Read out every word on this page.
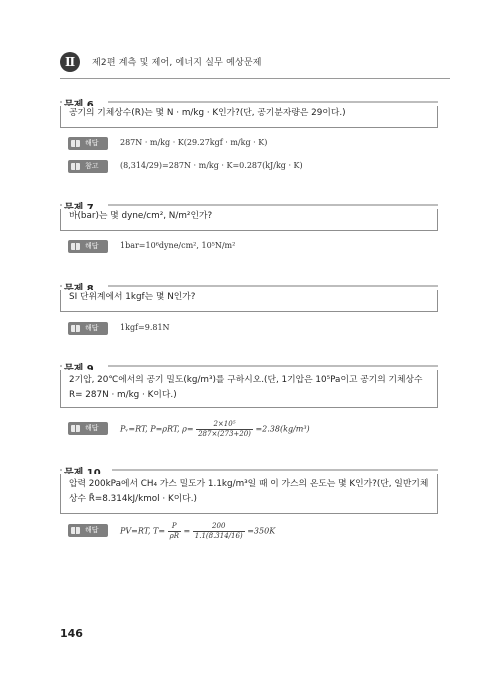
Ⅱ	제2편 계측 및 제어, 에너지 실무 예상문제
공기의 기체상수(R)는 몇 N · m/kg · K인가?(단, 공기분자량은 29이다.)
해답	287N · m/kg · K(29.27kgf · m/kg · K)
참고	(8,314/29)=287N · m/kg · K=0.287(kJ/kg · K)
바(bar)는 몇 dyne/cm², N/m²인가?
해답	1bar=10⁶dyne/cm², 10⁵N/m²
SI 단위계에서 1kgf는 몇 N인가?
해답	1kgf=9.81N
2기압, 20℃에서의 공기 밀도(kg/m³)를 구하시오.(단, 1기압은 10⁵Pa이고 공기의 기체상수
R= 287N · m/kg · K이다.)
해답	Pᵥ=RT, P=ρRT, $\rho= \frac{\text{2×10⁵}}{287\times(273+20)} =2.38(kg/m^3)$
압력 200kPa에서 CH₄ 가스 밀도가 1.1kg/m³일 때 이 가스의 온도는 몇 K인가?(단, 일반기체
상수 R̄=8.314kJ/kmol · K이다.)
해답	PV=RT, $T= \frac{P}{\rho R} = \frac{200}{1.1(8.314/16)} =350K$
146
